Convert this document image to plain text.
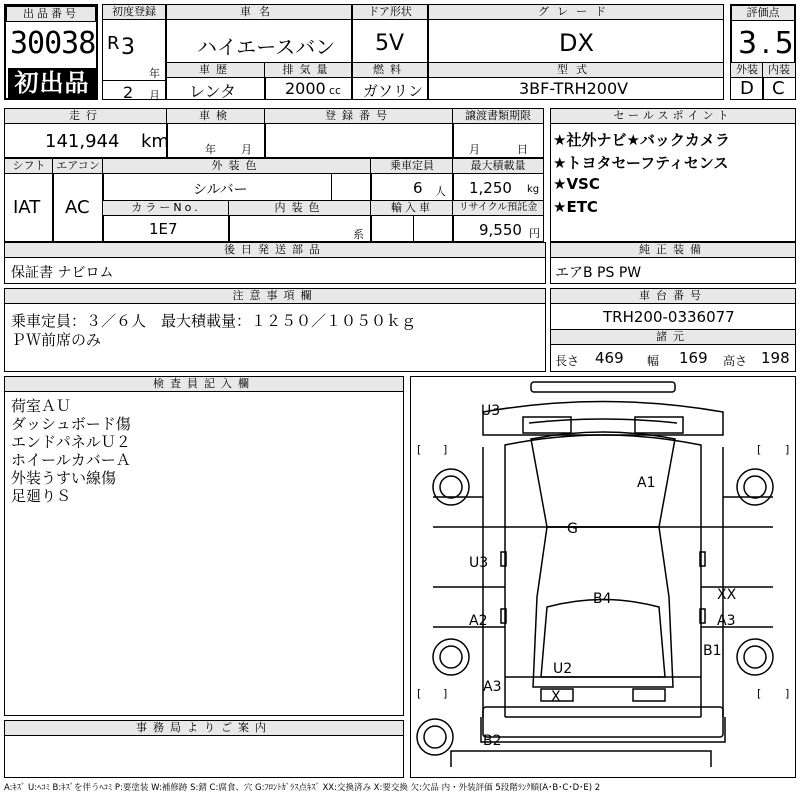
出品番号
30038
初出品
初度登録
R 3
年
2 月
車名
ハイエースバン
車歴
レンタ
排気量
2000 cc
ドア形状
5V
燃料
ガソリン
グレード
DX
型式
3BF-TRH200V
評価点
3.5
外装
D
内装
C
走行
141,944 km
車検
年 月
登録番号	譲渡書類期限
月	日
シフト
IAT
エアコン
AC
外装色
シルバー
乗車定員
6 人
最大積載量
1,250 kg
カラーNo.
1E7
内装色
系
輸入車	リサイクル預託金
9,550 円
セールスポイント
★社外ナビ★バックカメラ
★トヨタセーフティセンス
★VSC
★ETC
後日発送部品
保証書 ナビロム
純正装備
エアB PS PW
注意事項欄
乗車定員：３／６人　最大積載量：１２５０／１０５０ｋｇ
ＰＷ前席のみ
車台番号
TRH200-0336077
諸元
長さ 469 幅 169 高さ 198
検査員記入欄
荷室ＡＵ
ダッシュボード傷
エンドパネルＵ２
ホイールカバーＡ
外装うすい線傷
足廻りＳ
事務局よりご案内
[ ]	[ ]
[ ]	[ ]
U3
A1
G
U3
B4	XX
A2	A3
B1
U2
A3
X
B2
A:ｷｽﾞ U:ﾍｺﾐ B:ｷｽﾞを伴うﾍｺﾐ P:要塗装 W:補修跡 S:錆 C:腐食、穴 G:ﾌﾛﾝﾄｶﾞﾗｽ点ｷｽﾞ XX:交換済み X:要交換 欠:欠品 内・外装評価 5段階ﾗﾝｸ順(A･B･C･D･E) 2
